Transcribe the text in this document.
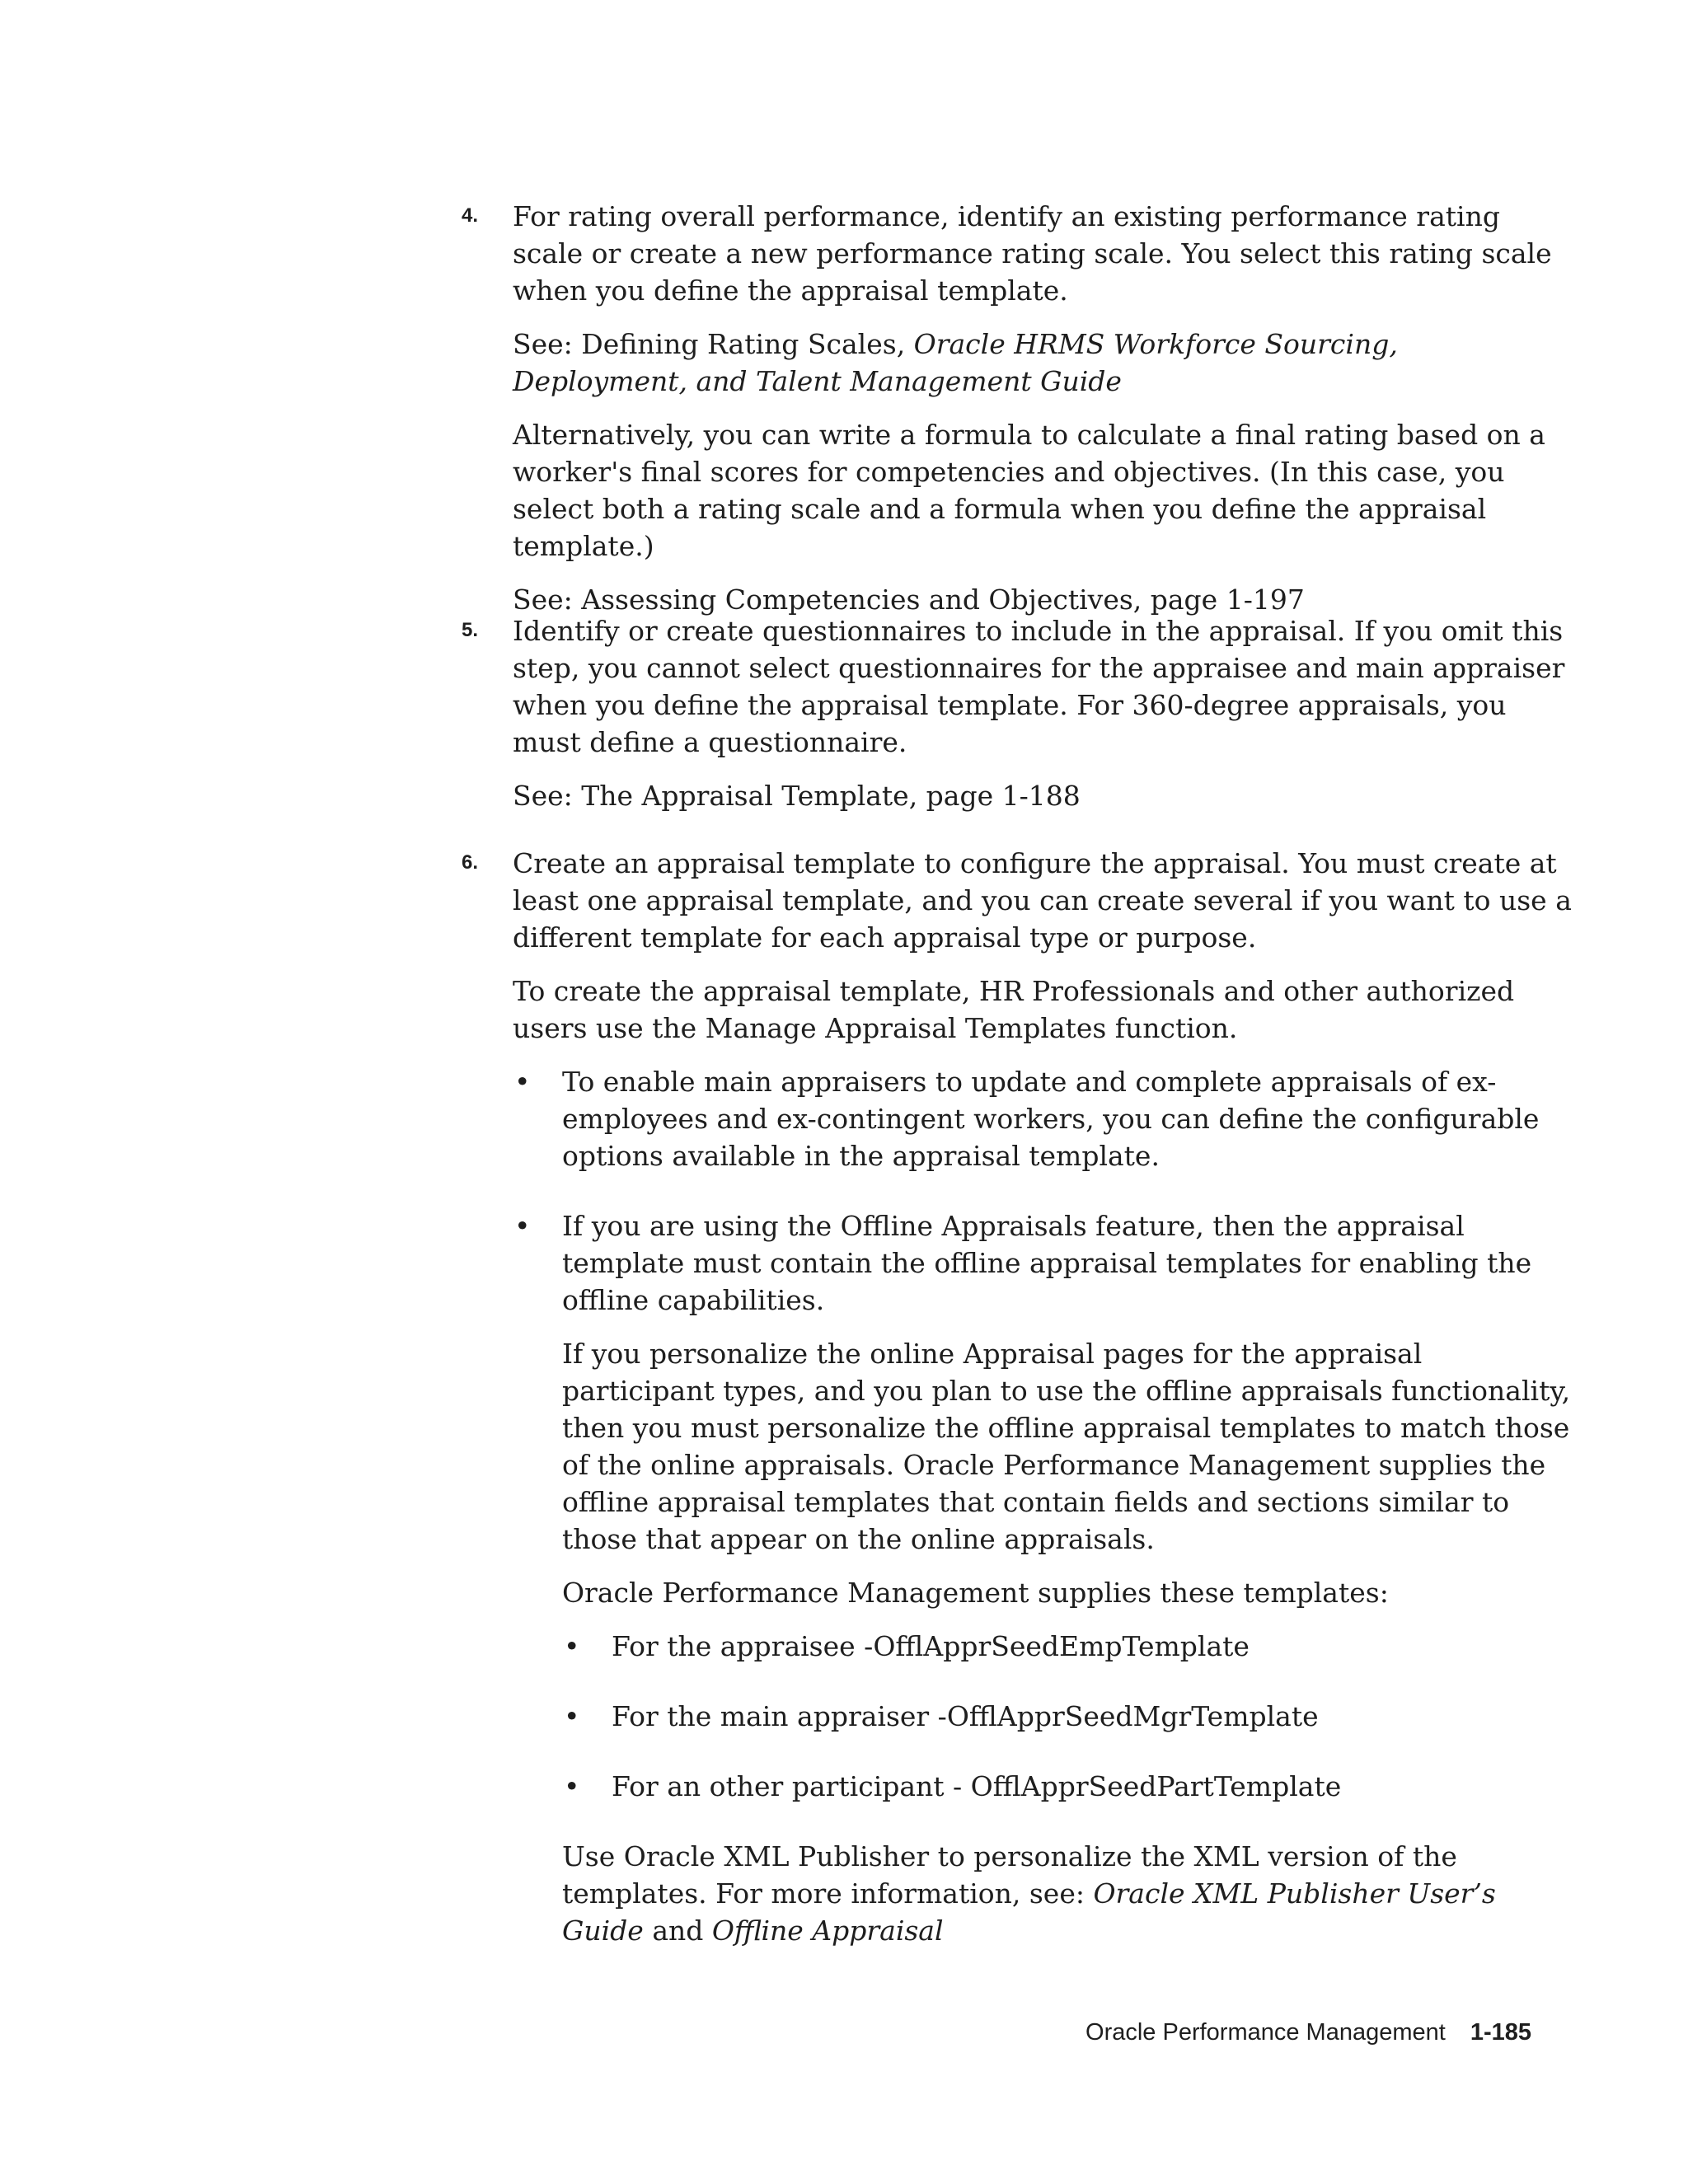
4. For rating overall performance, identify an existing performance rating scale or create a new performance rating scale. You select this rating scale when you define the appraisal template.

See: Defining Rating Scales, Oracle HRMS Workforce Sourcing, Deployment, and Talent Management Guide

Alternatively, you can write a formula to calculate a final rating based on a worker's final scores for competencies and objectives. (In this case, you select both a rating scale and a formula when you define the appraisal template.)

See: Assessing Competencies and Objectives, page 1-197

5. Identify or create questionnaires to include in the appraisal. If you omit this step, you cannot select questionnaires for the appraisee and main appraiser when you define the appraisal template. For 360-degree appraisals, you must define a questionnaire.

See: The Appraisal Template, page 1-188

6. Create an appraisal template to configure the appraisal. You must create at least one appraisal template, and you can create several if you want to use a different template for each appraisal type or purpose.

To create the appraisal template, HR Professionals and other authorized users use the Manage Appraisal Templates function.

• To enable main appraisers to update and complete appraisals of ex-employees and ex-contingent workers, you can define the configurable options available in the appraisal template.

• If you are using the Offline Appraisals feature, then the appraisal template must contain the offline appraisal templates for enabling the offline capabilities.

If you personalize the online Appraisal pages for the appraisal participant types, and you plan to use the offline appraisals functionality, then you must personalize the offline appraisal templates to match those of the online appraisals. Oracle Performance Management supplies the offline appraisal templates that contain fields and sections similar to those that appear on the online appraisals.

Oracle Performance Management supplies these templates:

• For the appraisee -OfflApprSeedEmpTemplate

• For the main appraiser -OfflApprSeedMgrTemplate

• For an other participant - OfflApprSeedPartTemplate

Use Oracle XML Publisher to personalize the XML version of the templates. For more information, see: Oracle XML Publisher User’s Guide and Offline Appraisal

Oracle Performance Management 1-185
